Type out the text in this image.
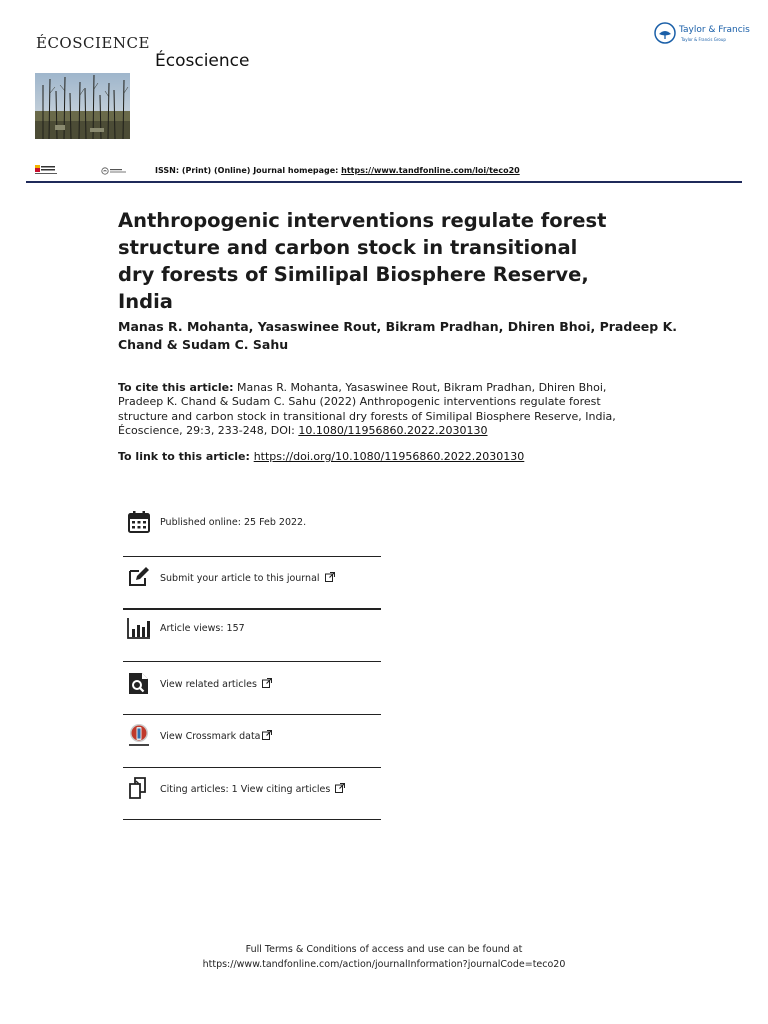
ÉCOSCIENCE
Écoscience
Taylor & Francis
Taylor & Francis Group
ISSN: (Print) (Online) Journal homepage: https://www.tandfonline.com/loi/teco20
Anthropogenic interventions regulate forest structure and carbon stock in transitional dry forests of Similipal Biosphere Reserve, India
Manas R. Mohanta, Yasaswinee Rout, Bikram Pradhan, Dhiren Bhoi, Pradeep K. Chand & Sudam C. Sahu
To cite this article: Manas R. Mohanta, Yasaswinee Rout, Bikram Pradhan, Dhiren Bhoi, Pradeep K. Chand & Sudam C. Sahu (2022) Anthropogenic interventions regulate forest structure and carbon stock in transitional dry forests of Similipal Biosphere Reserve, India, Écoscience, 29:3, 233-248, DOI: 10.1080/11956860.2022.2030130
To link to this article: https://doi.org/10.1080/11956860.2022.2030130
Published online: 25 Feb 2022.
Submit your article to this journal
Article views: 157
View related articles
View Crossmark data
Citing articles: 1 View citing articles
Full Terms & Conditions of access and use can be found at
https://www.tandfonline.com/action/journalInformation?journalCode=teco20
